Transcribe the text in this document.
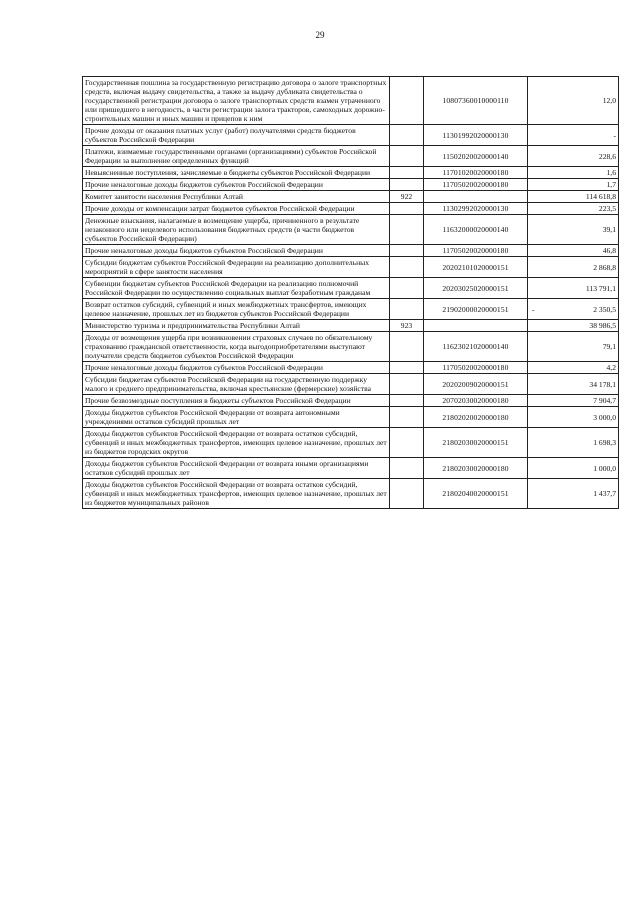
29
Государственная пошлина за государственную регистрацию договора о залоге транспортных средств, включая выдачу свидетельства, а также за выдачу дубликата свидетельства о государственной регистрации договора о залоге транспортных средств взамен утраченного или пришедшего в негодность, в части регистрации залога тракторов, самоходных дорожно-строительных машин и иных машин и прицепов к ним		10807360010000110	12,0
Прочие доходы от оказания платных услуг (работ) получателями средств бюджетов субъектов Российской Федерации		11301992020000130	-
Платежи, взимаемые государственными органами (организациями) субъектов Российской Федерации за выполнение определенных функций		11502020020000140	228,6
Невыясненные поступления, зачисляемые в бюджеты субъектов Российской Федерации		11701020020000180	1,6
Прочие неналоговые доходы бюджетов субъектов Российской Федерации		11705020020000180	1,7
Комитет занятости населения Республики Алтай	922		114 618,8
Прочие доходы от компенсации затрат бюджетов субъектов Российской Федерации		11302992020000130	223,5
Денежные взыскания, налагаемые в возмещение ущерба, причиненного в результате незаконного или нецелевого использования бюджетных средств (в части бюджетов субъектов Российской Федерации)		11632000020000140	39,1
Прочие неналоговые доходы бюджетов субъектов Российской Федерации		11705020020000180	46,8
Субсидии бюджетам субъектов Российской Федерации на реализацию дополнительных мероприятий в сфере занятости населения		20202101020000151	2 868,8
Субвенции бюджетам субъектов Российской Федерации на реализацию полномочий Российской Федерации по осуществлению социальных выплат безработным гражданам		20203025020000151	113 791,1
Возврат остатков субсидий, субвенций и иных межбюджетных трансфертов, имеющих целевое назначение, прошлых лет из бюджетов субъектов Российской Федерации		21902000020000151	- 2 350,5
Министерство туризма и предпринимательства Республики Алтай	923		38 986,5
Доходы от возмещения ущерба при возникновении страховых случаев по обязательному страхованию гражданской ответственности, когда выгодоприобретателями выступают получатели средств бюджетов субъектов Российской Федерации		11623021020000140	79,1
Прочие неналоговые доходы бюджетов субъектов Российской Федерации		11705020020000180	4,2
Субсидии бюджетам субъектов Российской Федерации на государственную поддержку малого и среднего предпринимательства, включая крестьянские (фермерские) хозяйства		20202009020000151	34 178,1
Прочие безвозмездные поступления в бюджеты субъектов Российской Федерации		20702030020000180	7 904,7
Доходы бюджетов субъектов Российской Федерации от возврата автономными учреждениями остатков субсидий прошлых лет		21802020020000180	3 000,0
Доходы бюджетов субъектов Российской Федерации от возврата остатков субсидий, субвенций и иных межбюджетных трансфертов, имеющих целевое назначение, прошлых лет из бюджетов городских округов		21802030020000151	1 698,3
Доходы бюджетов субъектов Российской Федерации от возврата иными организациями остатков субсидий прошлых лет		21802030020000180	1 000,0
Доходы бюджетов субъектов Российской Федерации от возврата остатков субсидий, субвенций и иных межбюджетных трансфертов, имеющих целевое назначение, прошлых лет из бюджетов муниципальных районов		21802040020000151	1 437,7
